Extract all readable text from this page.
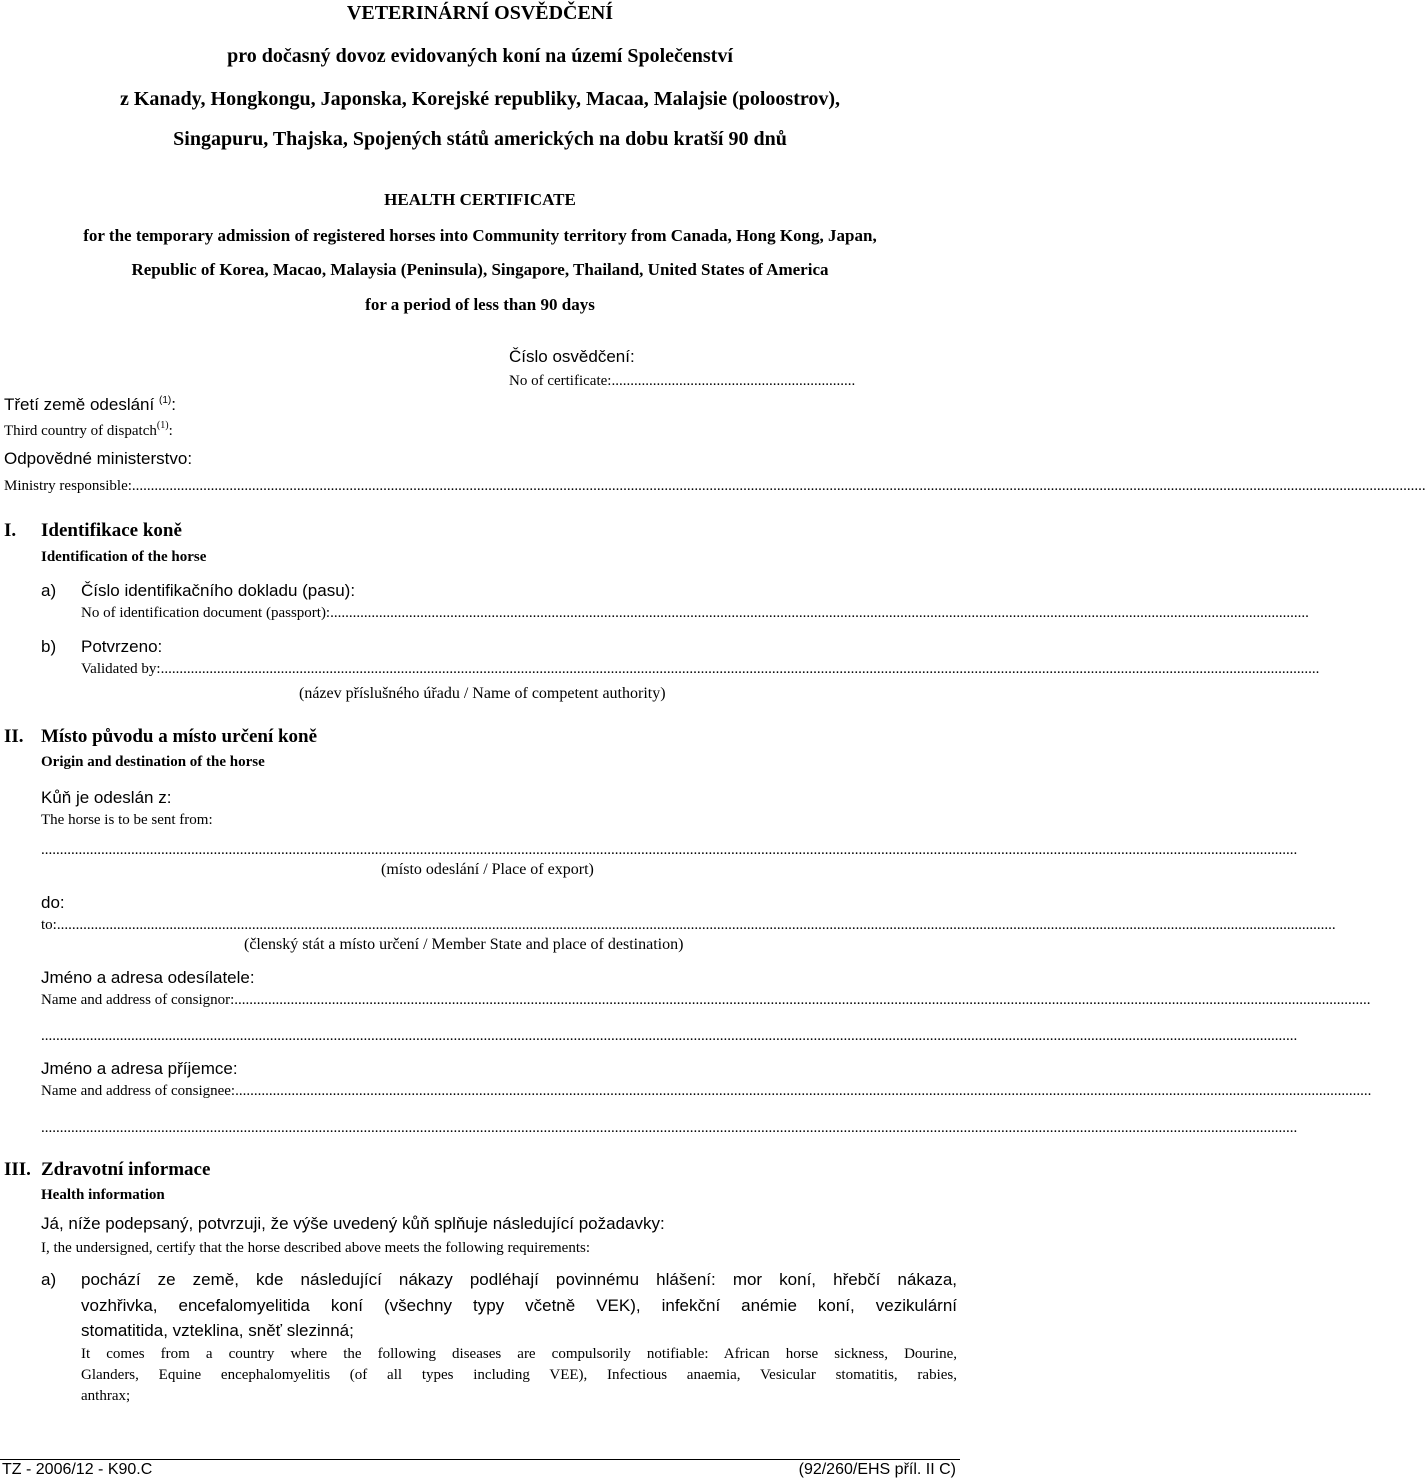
VETERINÁRNÍ OSVĚDČENÍ
pro dočasný dovoz evidovaných koní na území Společenství
z Kanady, Hongkongu, Japonska, Korejské republiky, Macaa, Malajsie (poloostrov),
Singapuru, Thajska, Spojených států amerických na dobu kratší 90 dnů
HEALTH CERTIFICATE
for the temporary admission of registered horses into Community territory from Canada, Hong Kong, Japan,
Republic of Korea, Macao, Malaysia (Peninsula), Singapore, Thailand, United States of America
for a period of less than 90 days
Číslo osvědčení:
No of certificate:.................................................................
Třetí země odeslání $^{(1)}$:
Third country of dispatch$^{(1)}$:
Odpovědné ministerstvo:
Ministry responsible:.........................................................................................................................................................................................................................................................................................................................................................
I. Identifikace koně
Identification of the horse
a) Číslo identifikačního dokladu (pasu):
No of identification document (passport):.....................................................................................................................................................................................................................................................................
b) Potvrzeno:
Validated by:.....................................................................................................................................................................................................................................................................................................................
(název příslušného úřadu / Name of competent authority)
II. Místo původu a místo určení koně
Origin and destination of the horse
Kůň je odeslán z:
The horse is to be sent from:
...............................................................................................................................................................................................................................................................................................................................................
(místo odeslání / Place of export)
do:
to:.....................................................................................................................................................................................................................................................................................................................................................
(členský stát a místo určení / Member State and place of destination)
Jméno a adresa odesílatele:
Name and address of consignor:...............................................................................................................................................................................................................................................................................................................
...............................................................................................................................................................................................................................................................................................................................................
Jméno a adresa příjemce:
Name and address of consignee:...............................................................................................................................................................................................................................................................................................................
...............................................................................................................................................................................................................................................................................................................................................
III. Zdravotní informace
Health information
Já, níže podepsaný, potvrzuji, že výše uvedený kůň splňuje následující požadavky:
I, the undersigned, certify that the horse described above meets the following requirements:
a) pochází ze země, kde následující nákazy podléhají povinnému hlášení: mor koní, hřebčí nákaza,
vozhřivka, encefalomyelitida koní (všechny typy včetně VEK), infekční anémie koní, vezikulární
stomatitida, vzteklina, sněť slezinná;
It comes from a country where the following diseases are compulsorily notifiable: African horse sickness, Dourine,
Glanders, Equine encephalomyelitis (of all types including VEE), Infectious anaemia, Vesicular stomatitis, rabies,
anthrax;
TZ - 2006/12 - K90.C	(92/260/EHS příl. II C)
